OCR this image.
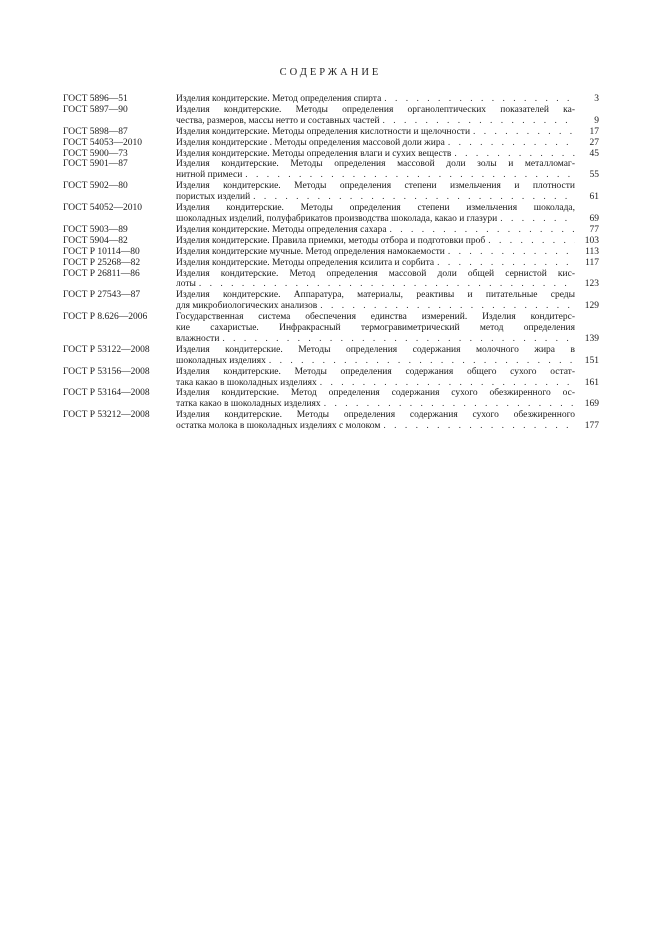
СОДЕРЖАНИЕ
ГОСТ 5896—51	Изделия кондитерские. Метод определения спирта . . .	3
ГОСТ 5897—90	Изделия кондитерские. Методы определения органолептических показателей ка-
чества, размеров, массы нетто и составных частей . . .	9
ГОСТ 5898—87	Изделия кондитерские. Методы определения кислотности и щелочности . . .	17
ГОСТ 54053—2010	Изделия кондитерские . Методы определения массовой доли жира . . .	27
ГОСТ 5900—73	Изделия кондитерские. Методы определения влаги и сухих веществ . . .	45
ГОСТ 5901—87	Изделия кондитерские. Методы определения массовой доли золы и металломаг-
нитной примеси . . .	55
ГОСТ 5902—80	Изделия кондитерские. Методы определения степени измельчения и плотности
пористых изделий . . .	61
ГОСТ 54052—2010	Изделия кондитерские. Методы определения степени измельчения шоколада,
шоколадных изделий, полуфабрикатов производства шоколада, какао и глазури . . .	69
ГОСТ 5903—89	Изделия кондитерские. Методы определения сахара . . .	77
ГОСТ 5904—82	Изделия кондитерские. Правила приемки, методы отбора и подготовки проб . . .	103
ГОСТ Р 10114—80	Изделия кондитерские мучные. Метод определения намокаемости . . .	113
ГОСТ Р 25268—82	Изделия кондитерские. Методы определения ксилита и сорбита . . .	117
ГОСТ Р 26811—86	Изделия кондитерские. Метод определения массовой доли общей сернистой кис-
лоты . . .	123
ГОСТ Р 27543—87	Изделия кондитерские. Аппаратура, материалы, реактивы и питательные среды
для микробиологических анализов . . .	129
ГОСТ Р 8.626—2006	Государственная система обеспечения единства измерений. Изделия кондитерс-
кие сахаристые. Инфракрасный термогравиметрический метод определения
влажности . . .	139
ГОСТ Р 53122—2008	Изделия кондитерские. Методы определения содержания молочного жира в
шоколадных изделиях . . .	151
ГОСТ Р 53156—2008	Изделия кондитерские. Методы определения содержания общего сухого остат-
така какао в шоколадных изделиях . . .	161
ГОСТ Р 53164—2008	Изделия кондитерские. Метод определения содержания сухого обезжиренного ос-
татка какао в шоколадных изделиях . . .	169
ГОСТ Р 53212—2008	Изделия кондитерские. Методы определения содержания сухого обезжиренного
остатка молока в шоколадных изделиях с молоком . . .	177
